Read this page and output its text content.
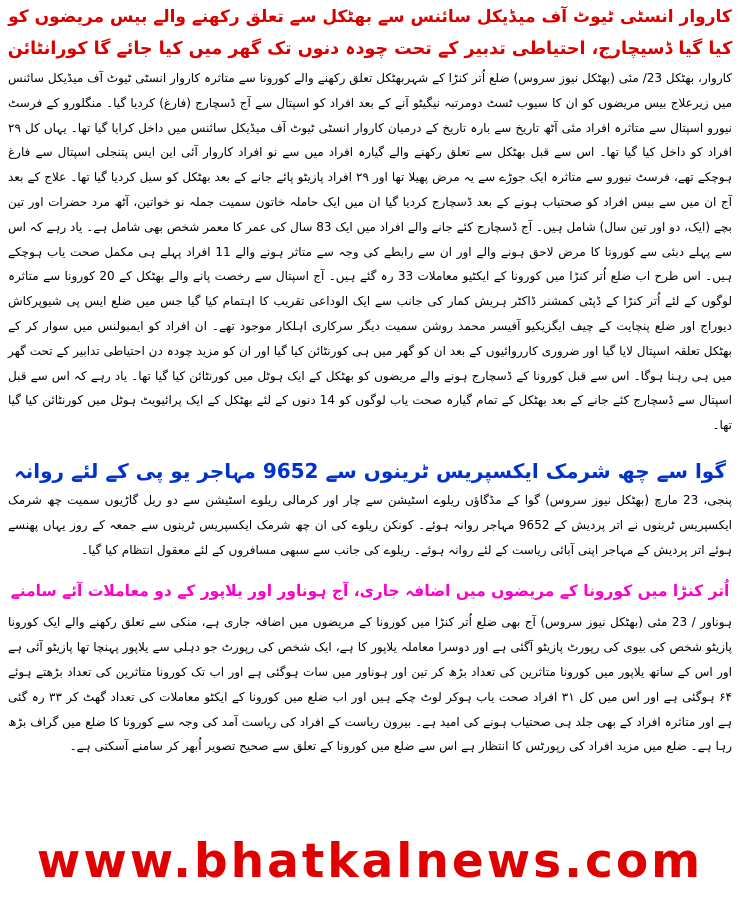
کاروار انسٹی ٹیوٹ آف میڈیکل سائنس سے بھٹکل سے تعلق رکھنے والے بیس مریضوں کو
کیا گیا ڈسیچارج، احتیاطی تدبیر کے تحت چودہ دنوں تک گھر میں کیا جائے گا کورانٹائن
کاروار، بھٹکل 23/ مئی (بھٹکل نیوز سروس) ضلع اُتر کنڑا کے شہربھٹکل تعلق رکھنے والے کورونا سے متاثرہ کاروار انسٹی ٹیوٹ آف میڈیکل سائنس میں زیرعلاج بیس مریضوں کو ان کا سیوب ٹسٹ دومرتبہ نیگیٹو آنے کے بعد افراد کو اسپتال سے آج ڈسچارج (فارغ) کردیا گیا۔ منگلورو کے فرسٹ نیورو اسپتال سے متاثرہ افراد مئی آٹھ تاریخ سے بارہ تاریخ کے درمیان کاروار انسٹی ٹیوٹ آف میڈیکل سائنس میں داخل کرایا گیا تھا۔ یہاں کل ۲۹ افراد کو داخل کیا گیا تھا۔ اس سے قبل بھٹکل سے تعلق رکھنے والے گیارہ افراد میں سے نو افراد کاروار آئی این ایس پتنجلی اسپتال سے فارغ ہوچکے تھے، فرسٹ نیورو سے متاثرہ ایک جوڑے سے یہ مرض پھیلا تھا اور ۲۹ افراد پازیٹو پائے جانے کے بعد بھٹکل کو سیل کردیا گیا تھا۔ علاج کے بعد آج ان میں سے بیس افراد کو صحتیاب ہونے کے بعد ڈسچارج کردیا گیا ان میں ایک حاملہ خاتون سمیت جملہ نو خواتین، آٹھ مرد حضرات اور تین بچے (ایک، دو اور تین سال) شامل ہیں۔ آج ڈسچارج کئے جانے والے افراد میں ایک 83 سال کی عمر کا معمر شخص بھی شامل ہے۔ یاد رہے کہ اس سے پہلے دبئی سے کورونا کا مرض لاحق ہونے والے اور ان سے رابطے کی وجہ سے متاثر ہونے والے 11 افراد پہلے ہی مکمل صحت یاب ہوچکے ہیں۔ اس طرح اب ضلع اُتر کنڑا میں کورونا کے ایکٹیو معاملات 33 رہ گئے ہیں۔ آج اسپتال سے رخصت پانے والے بھٹکل کے 20 کورونا سے متاثرہ لوگوں کے لئے اُتر کنڑا کے ڈپٹی کمشنر ڈاکٹر ہریش کمار کی جانب سے ایک الوداعی تقریب کا اہتمام کیا گیا جس میں ضلع ایس پی شیوپرکاش دیوراج اور ضلع پنچایت کے چیف ایگزیکیو آفیسر محمد روشن سمیت دیگر سرکاری اہلکار موجود تھے۔ ان افراد کو ایمبولنس میں سوار کر کے بھٹکل تعلقہ اسپتال لایا گیا اور ضروری کارروائیوں کے بعد ان کو گھر میں ہی کورنٹائن کیا گیا اور ان کو مزید چودہ دن احتیاطی تدابیر کے تحت گھر میں ہی رہنا ہوگا۔ اس سے قبل کورونا کے ڈسچارج ہونے والے مریضوں کو بھٹکل کے ایک ہوٹل میں کورنٹائن کیا گیا تھا۔ یاد رہے کہ اس سے قبل اسپتال سے ڈسچارج کئے جانے کے بعد بھٹکل کے تمام گیارہ صحت یاب لوگوں کو 14 دنوں کے لئے بھٹکل کے ایک پرائیویٹ ہوٹل میں کورنٹائن کیا گیا تھا۔
گوا سے چھ شرمک ایکسپریس ٹرینوں سے 9652 مہاجر یو پی کے لئے روانہ
پنجی، 23 مارچ (بھٹکل نیوز سروس) گوا کے مڈگاؤں ریلوے اسٹیشن سے چار اور کرمالی ریلوے اسٹیشن سے دو ریل گاڑیوں سمیت چھ شرمک ایکسپریس ٹرینوں نے اتر پردیش کے 9652 مہاجر روانہ ہوئے۔ کونکن ریلوے کی ان چھ شرمک ایکسپریس ٹرینوں سے جمعہ کے روز یہاں پھنسے ہوئے اتر پردیش کے مہاجر اپنی آبائی ریاست کے لئے روانہ ہوئے۔ ریلوے کی جانب سے سبھی مسافروں کے لئے معقول انتظام کیا گیا۔
اُتر کنڑا میں کورونا کے مریضوں میں اضافہ جاری، آج ہوناور اور یلاپور کے دو معاملات آئے سامنے
ہوناور / 23 مئی (بھٹکل نیوز سروس) آج بھی ضلع اُتر کنڑا میں کورونا کے مریضوں میں اضافہ جاری ہے، منکی سے تعلق رکھنے والے ایک کورونا پازیٹو شخص کی بیوی کی رپورٹ پازیٹو آگئی ہے اور دوسرا معاملہ یلاپور کا ہے، ایک شخص کی رپورٹ جو دہلی سے یلاپور پہنچا تھا پازیٹو آئی ہے اور اس کے ساتھ یلاپور میں کورونا متاثرین کی تعداد بڑھ کر تین اور ہوناور میں سات ہوگئی ہے اور اب تک کورونا متاثرین کی تعداد بڑھتے ہوئے ۶۴ ہوگئی ہے اور اس میں کل ۳۱ افراد صحت یاب ہوکر لوٹ چکے ہیں اور اب ضلع میں کورونا کے ایکٹو معاملات کی تعداد گھٹ کر ۳۳ رہ گئی ہے اور متاثرہ افراد کے بھی جلد ہی صحتیاب ہونے کی امید ہے۔ بیرون ریاست کے افراد کی ریاست آمد کی وجہ سے کورونا کا ضلع میں گراف بڑھ رہا ہے۔ ضلع میں مزید افراد کی رپورٹس کا انتظار ہے اس سے ضلع میں کورونا کے تعلق سے صحیح تصویر اُبھر کر سامنے آسکتی ہے۔
www.bhatkalnews.com
